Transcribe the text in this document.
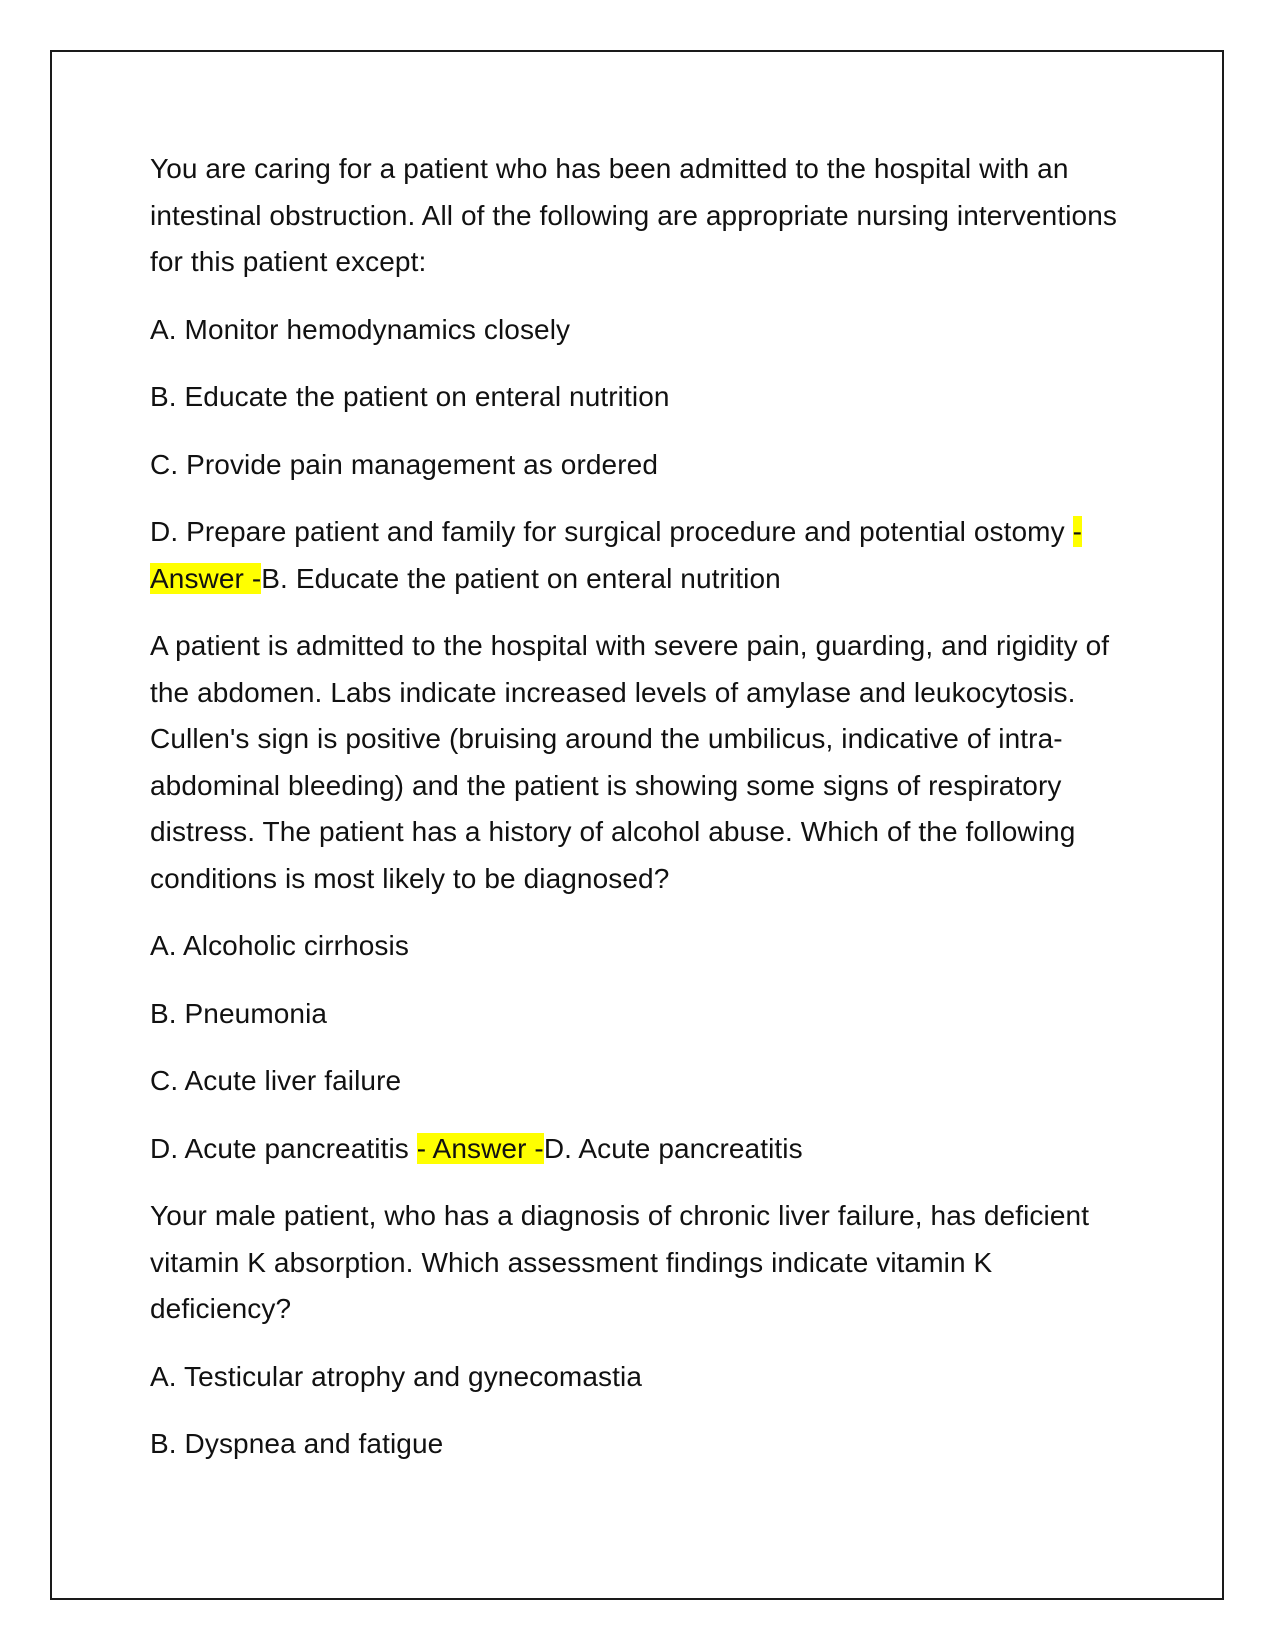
You are caring for a patient who has been admitted to the hospital with an intestinal obstruction. All of the following are appropriate nursing interventions for this patient except:

A. Monitor hemodynamics closely

B. Educate the patient on enteral nutrition

C. Provide pain management as ordered

D. Prepare patient and family for surgical procedure and potential ostomy - Answer -B. Educate the patient on enteral nutrition

A patient is admitted to the hospital with severe pain, guarding, and rigidity of the abdomen. Labs indicate increased levels of amylase and leukocytosis. Cullen's sign is positive (bruising around the umbilicus, indicative of intra-abdominal bleeding) and the patient is showing some signs of respiratory distress. The patient has a history of alcohol abuse. Which of the following conditions is most likely to be diagnosed?

A. Alcoholic cirrhosis

B. Pneumonia

C. Acute liver failure

D. Acute pancreatitis - Answer -D. Acute pancreatitis

Your male patient, who has a diagnosis of chronic liver failure, has deficient vitamin K absorption. Which assessment findings indicate vitamin K deficiency?

A. Testicular atrophy and gynecomastia

B. Dyspnea and fatigue
